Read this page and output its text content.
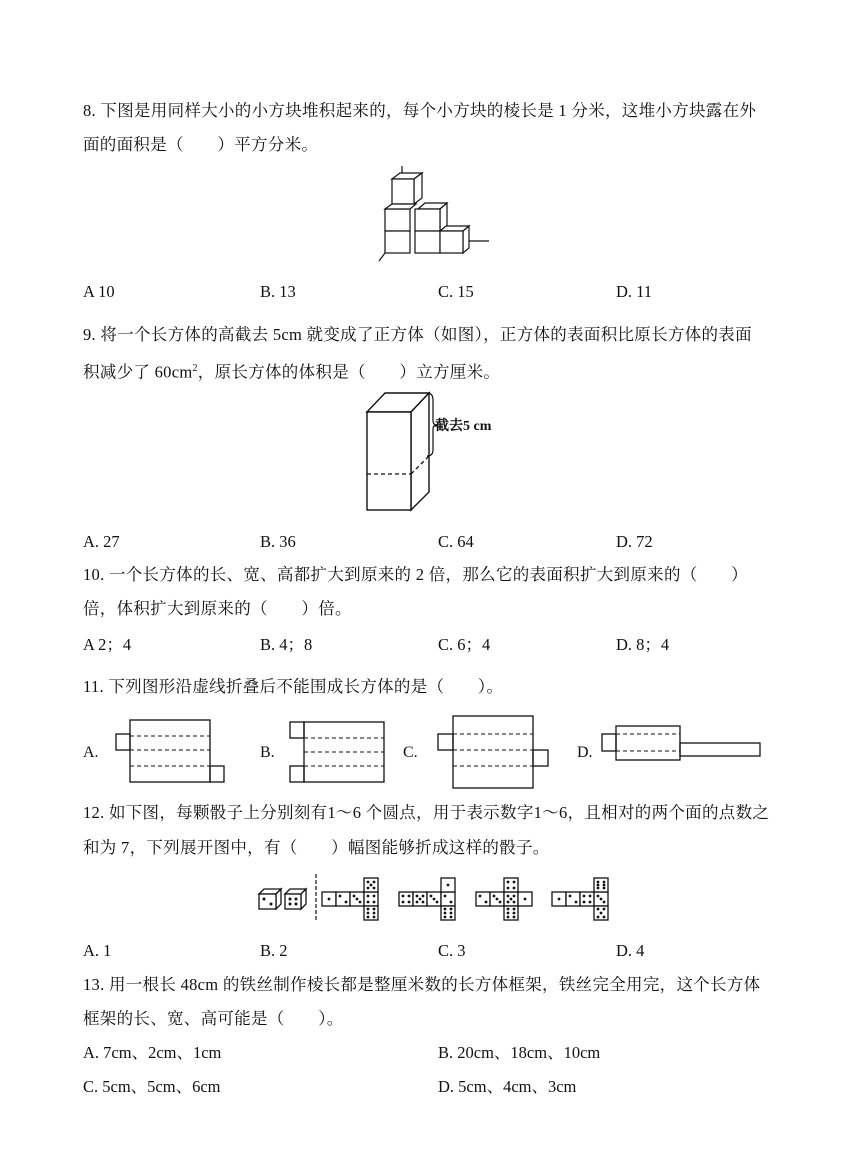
8. 下图是用同样大小的小方块堆积起来的，每个小方块的棱长是 1 分米，这堆小方块露在外
面的面积是（　　）平方分米。
A 10	B. 13	C. 15	D. 11
9. 将一个长方体的高截去 5cm 就变成了正方体（如图），正方体的表面积比原长方体的表面
积减少了 $60cm^2$，原长方体的体积是（　　）立方厘米。
截去5 cm
A. 27	B. 36	C. 64	D. 72
10. 一个长方体的长、宽、高都扩大到原来的 2 倍，那么它的表面积扩大到原来的（　　）
倍，体积扩大到原来的（　　）倍。
A 2；4	B. 4；8	C. 6；4	D. 8；4
11. 下列图形沿虚线折叠后不能围成长方体的是（　　）。
A.	B.	C.	D.
12. 如下图，每颗骰子上分别刻有1～6 个圆点，用于表示数字1～6，且相对的两个面的点数之
和为 7，下列展开图中，有（　　）幅图能够折成这样的骰子。
A. 1	B. 2	C. 3	D. 4
13. 用一根长 48cm 的铁丝制作棱长都是整厘米数的长方体框架，铁丝完全用完，这个长方体
框架的长、宽、高可能是（　　）。
A. 7cm、2cm、1cm	B. 20cm、18cm、10cm
C. 5cm、5cm、6cm	D. 5cm、4cm、3cm
